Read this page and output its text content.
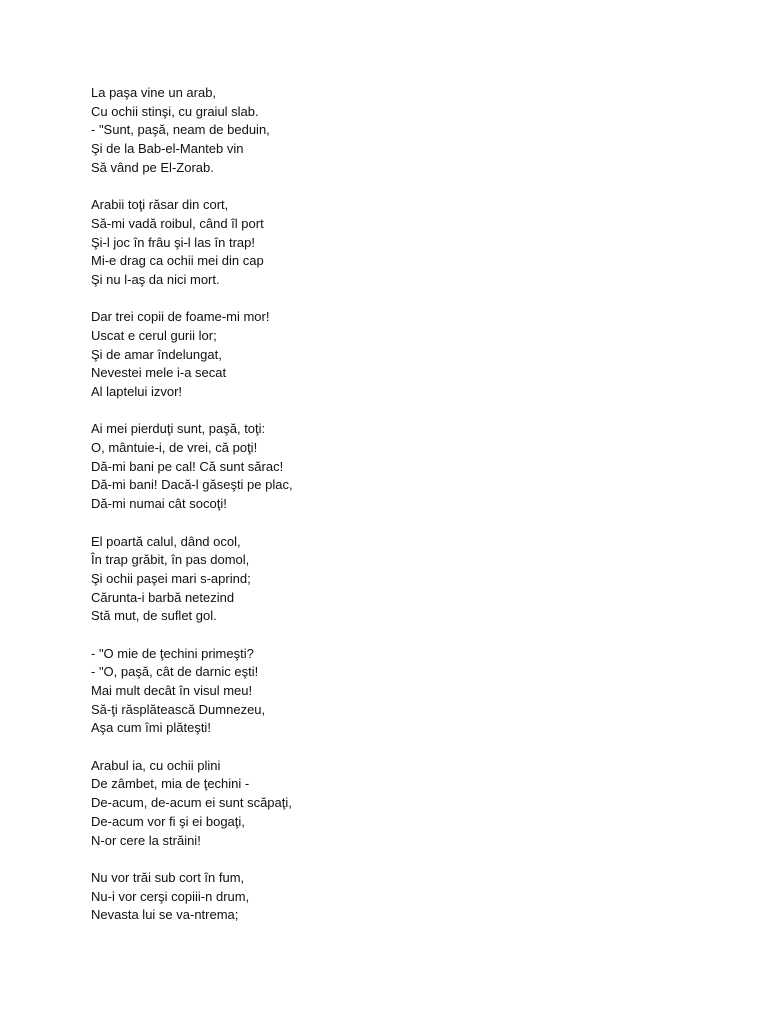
La paşa vine un arab,
Cu ochii stinşi, cu graiul slab.
- "Sunt, paşă, neam de beduin,
Şi de la Bab-el-Manteb vin
Să vând pe El-Zorab.
Arabii toţi răsar din cort,
Să-mi vadă roibul, când îl port
Şi-l joc în frâu şi-l las în trap!
Mi-e drag ca ochii mei din cap
Şi nu l-aş da nici mort.
Dar trei copii de foame-mi mor!
Uscat e cerul gurii lor;
Şi de amar îndelungat,
Nevestei mele i-a secat
Al laptelui izvor!
Ai mei pierduţi sunt, paşă, toţi:
O, mântuie-i, de vrei, că poţi!
Dă-mi bani pe cal! Că sunt sărac!
Dă-mi bani! Dacă-l găseşti pe plac,
Dă-mi numai cât socoţi!
El poartă calul, dând ocol,
În trap grăbit, în pas domol,
Şi ochii paşei mari s-aprind;
Cărunta-i barbă netezind
Stă mut, de suflet gol.
- "O mie de ţechini primeşti?
- "O, paşă, cât de darnic eşti!
Mai mult decât în visul meu!
Să-ţi răsplătească Dumnezeu,
Aşa cum îmi plăteşti!
Arabul ia, cu ochii plini
De zâmbet, mia de ţechini -
De-acum, de-acum ei sunt scăpaţi,
De-acum vor fi şi ei bogaţi,
N-or cere la străini!
Nu vor trăi sub cort în fum,
Nu-i vor cerşi copiii-n drum,
Nevasta lui se va-ntrema;
